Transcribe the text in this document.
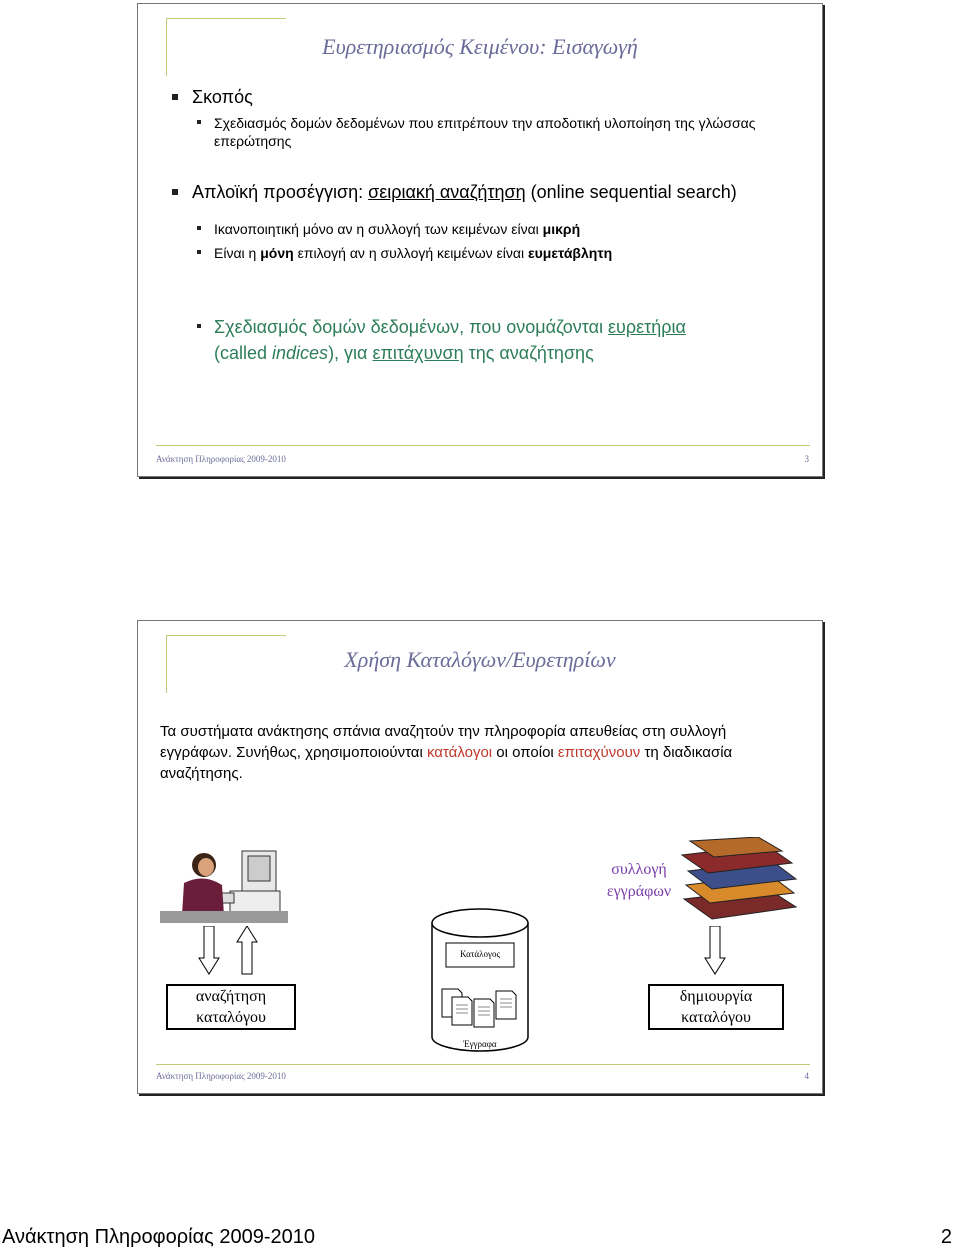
Ευρετηριασμός Κειμένου: Εισαγωγή
Σκοπός
Σχεδιασμός δομών δεδομένων που επιτρέπουν την αποδοτική υλοποίηση της γλώσσας επερώτησης
Απλοϊκή προσέγγιση: σειριακή αναζήτηση (online sequential search)
Ικανοποιητική μόνο αν η συλλογή των κειμένων είναι μικρή
Είναι η μόνη επιλογή αν η συλλογή κειμένων είναι ευμετάβλητη
Σχεδιασμός δομών δεδομένων, που ονομάζονται ευρετήρια
(called indices), για επιτάχυνση της αναζήτησης
Ανάκτηση Πληροφορίας 2009-2010	3
Χρήση Καταλόγων/Ευρετηρίων
Τα συστήματα ανάκτησης σπάνια αναζητούν την πληροφορία απευθείας στη συλλογή εγγράφων. Συνήθως, χρησιμοποιούνται κατάλογοι οι οποίοι επιταχύνουν τη διαδικασία αναζήτησης.
συλλογή εγγράφων
αναζήτηση καταλόγου
δημιουργία καταλόγου
Κατάλογος
Έγγραφα
Ανάκτηση Πληροφορίας 2009-2010	4
Ανάκτηση Πληροφορίας 2009-2010	2
